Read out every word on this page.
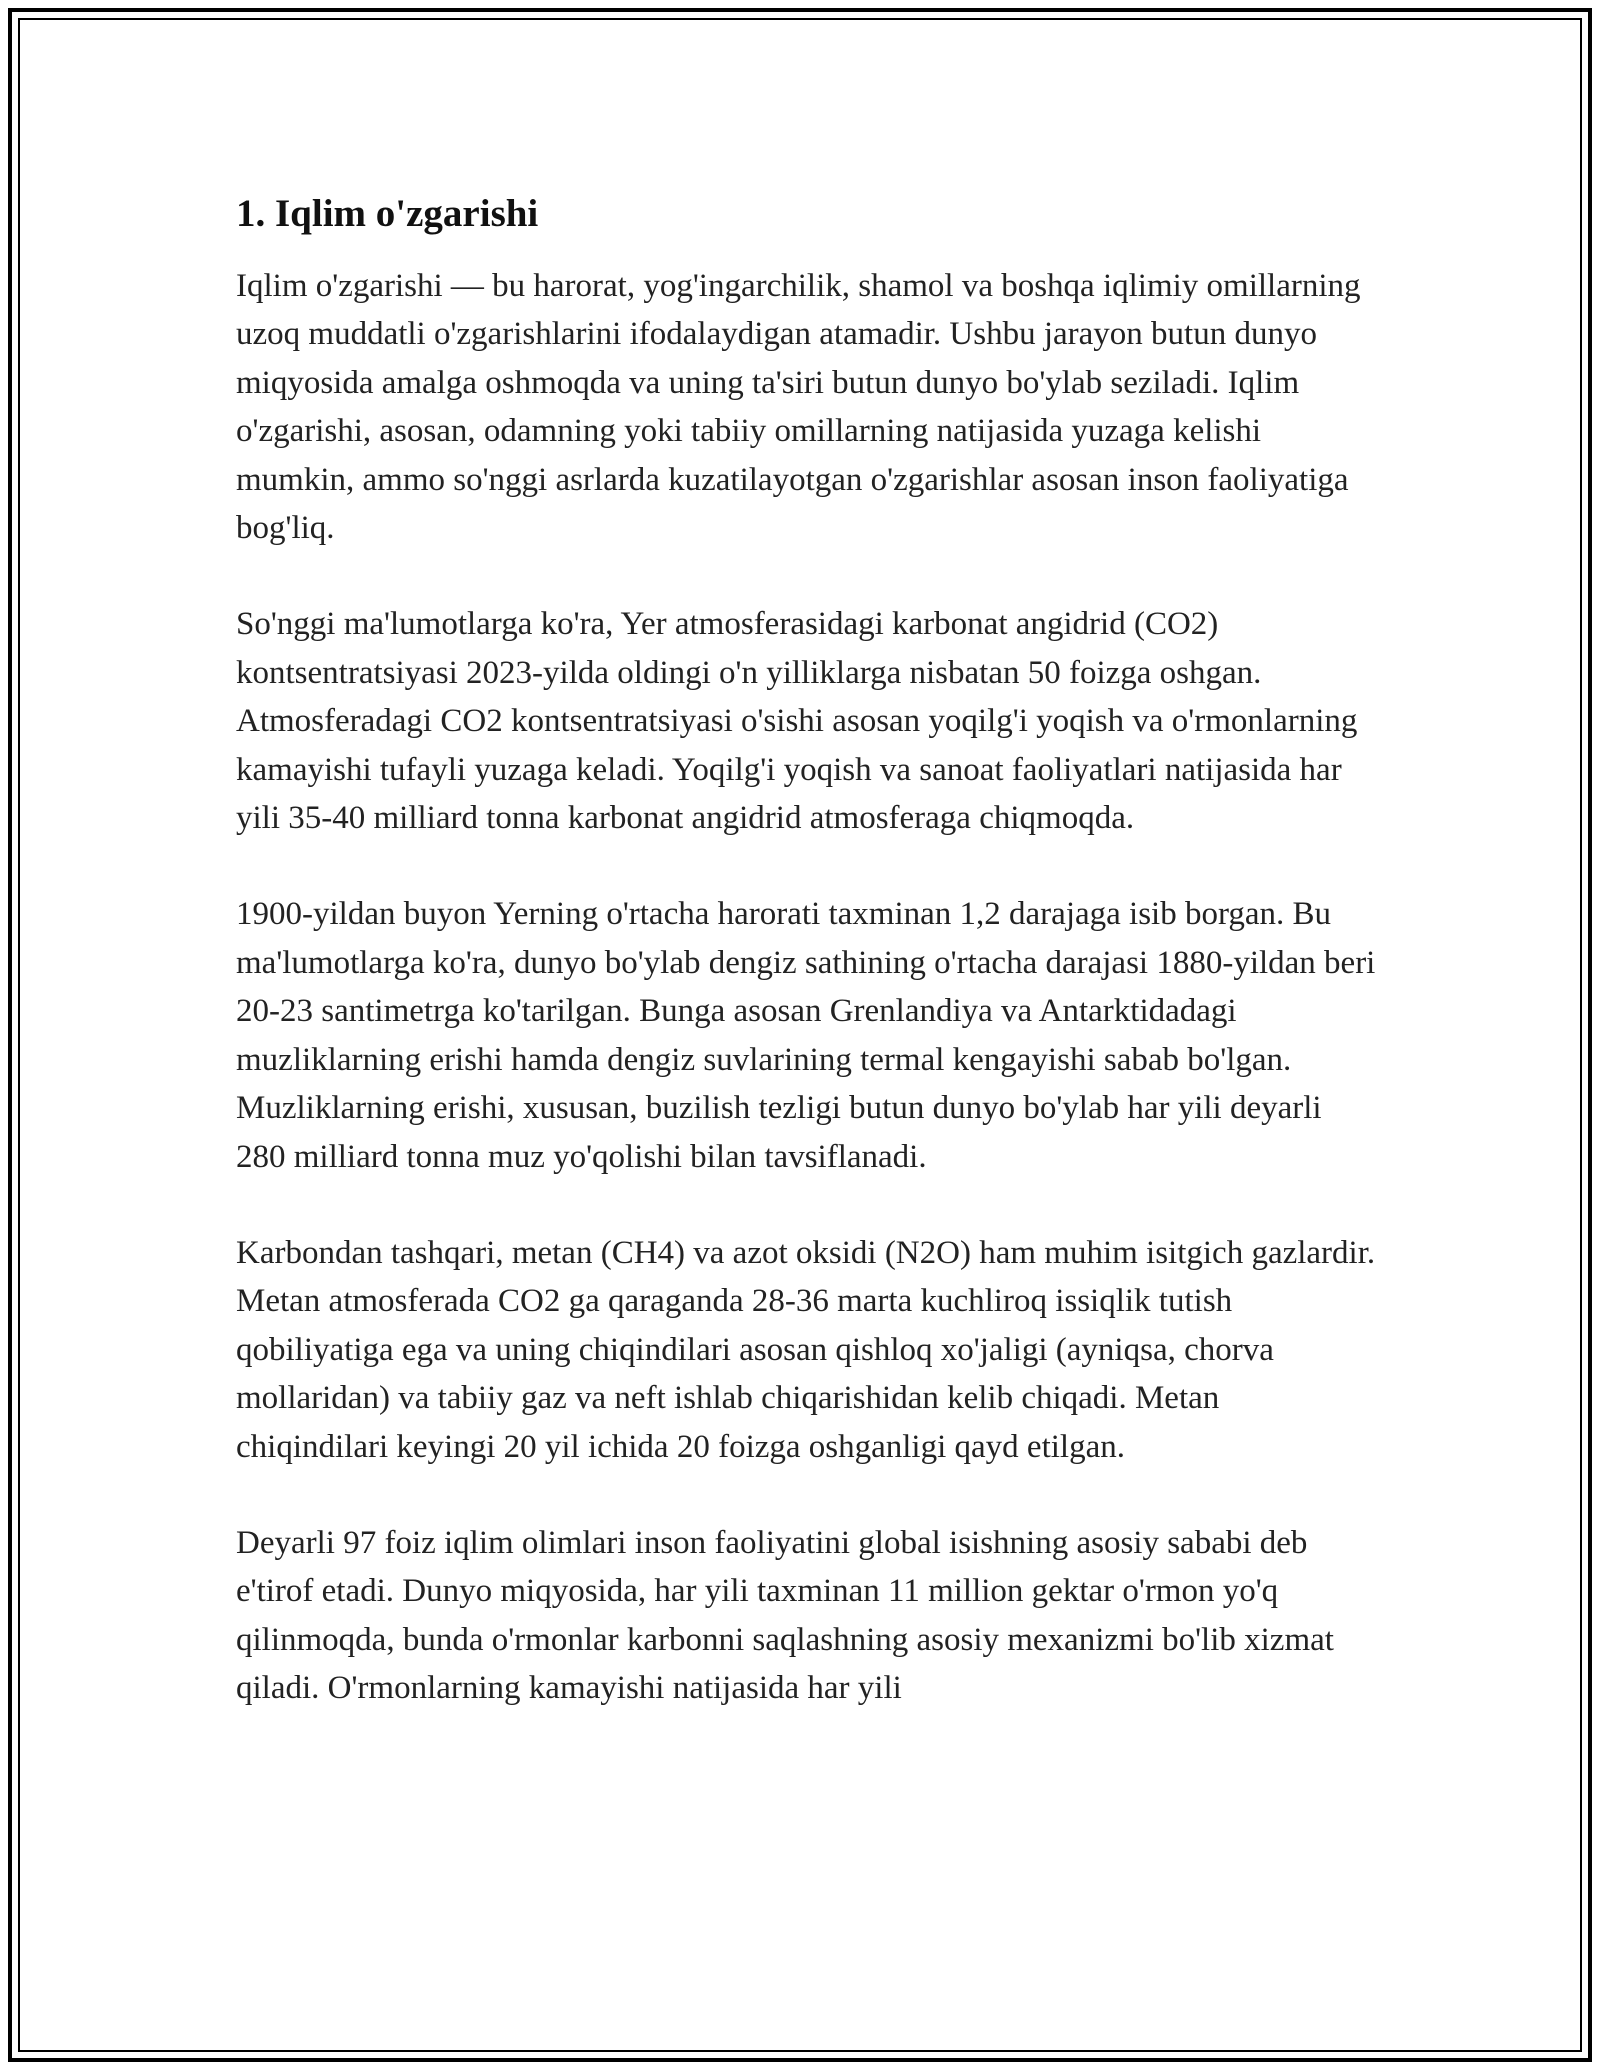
1. Iqlim o'zgarishi

Iqlim o'zgarishi — bu harorat, yog'ingarchilik, shamol va boshqa iqlimiy omillarning uzoq muddatli o'zgarishlarini ifodalaydigan atamadir. Ushbu jarayon butun dunyo miqyosida amalga oshmoqda va uning ta'siri butun dunyo bo'ylab seziladi. Iqlim o'zgarishi, asosan, odamning yoki tabiiy omillarning natijasida yuzaga kelishi mumkin, ammo so'nggi asrlarda kuzatilayotgan o'zgarishlar asosan inson faoliyatiga bog'liq.

So'nggi ma'lumotlarga ko'ra, Yer atmosferasidagi karbonat angidrid (CO2) kontsentratsiyasi 2023-yilda oldingi o'n yilliklarga nisbatan 50 foizga oshgan. Atmosferadagi CO2 kontsentratsiyasi o'sishi asosan yoqilg'i yoqish va o'rmonlarning kamayishi tufayli yuzaga keladi. Yoqilg'i yoqish va sanoat faoliyatlari natijasida har yili 35-40 milliard tonna karbonat angidrid atmosferaga chiqmoqda.

1900-yildan buyon Yerning o'rtacha harorati taxminan 1,2 darajaga isib borgan. Bu ma'lumotlarga ko'ra, dunyo bo'ylab dengiz sathining o'rtacha darajasi 1880-yildan beri 20-23 santimetrga ko'tarilgan. Bunga asosan Grenlandiya va Antarktidadagi muzliklarning erishi hamda dengiz suvlarining termal kengayishi sabab bo'lgan. Muzliklarning erishi, xususan, buzilish tezligi butun dunyo bo'ylab har yili deyarli 280 milliard tonna muz yo'qolishi bilan tavsiflanadi.

Karbondan tashqari, metan (CH4) va azot oksidi (N2O) ham muhim isitgich gazlardir. Metan atmosferada CO2 ga qaraganda 28-36 marta kuchliroq issiqlik tutish qobiliyatiga ega va uning chiqindilari asosan qishloq xo'jaligi (ayniqsa, chorva mollaridan) va tabiiy gaz va neft ishlab chiqarishidan kelib chiqadi. Metan chiqindilari keyingi 20 yil ichida 20 foizga oshganligi qayd etilgan.

Deyarli 97 foiz iqlim olimlari inson faoliyatini global isishning asosiy sababi deb e'tirof etadi. Dunyo miqyosida, har yili taxminan 11 million gektar o'rmon yo'q qilinmoqda, bunda o'rmonlar karbonni saqlashning asosiy mexanizmi bo'lib xizmat qiladi. O'rmonlarning kamayishi natijasida har yili
